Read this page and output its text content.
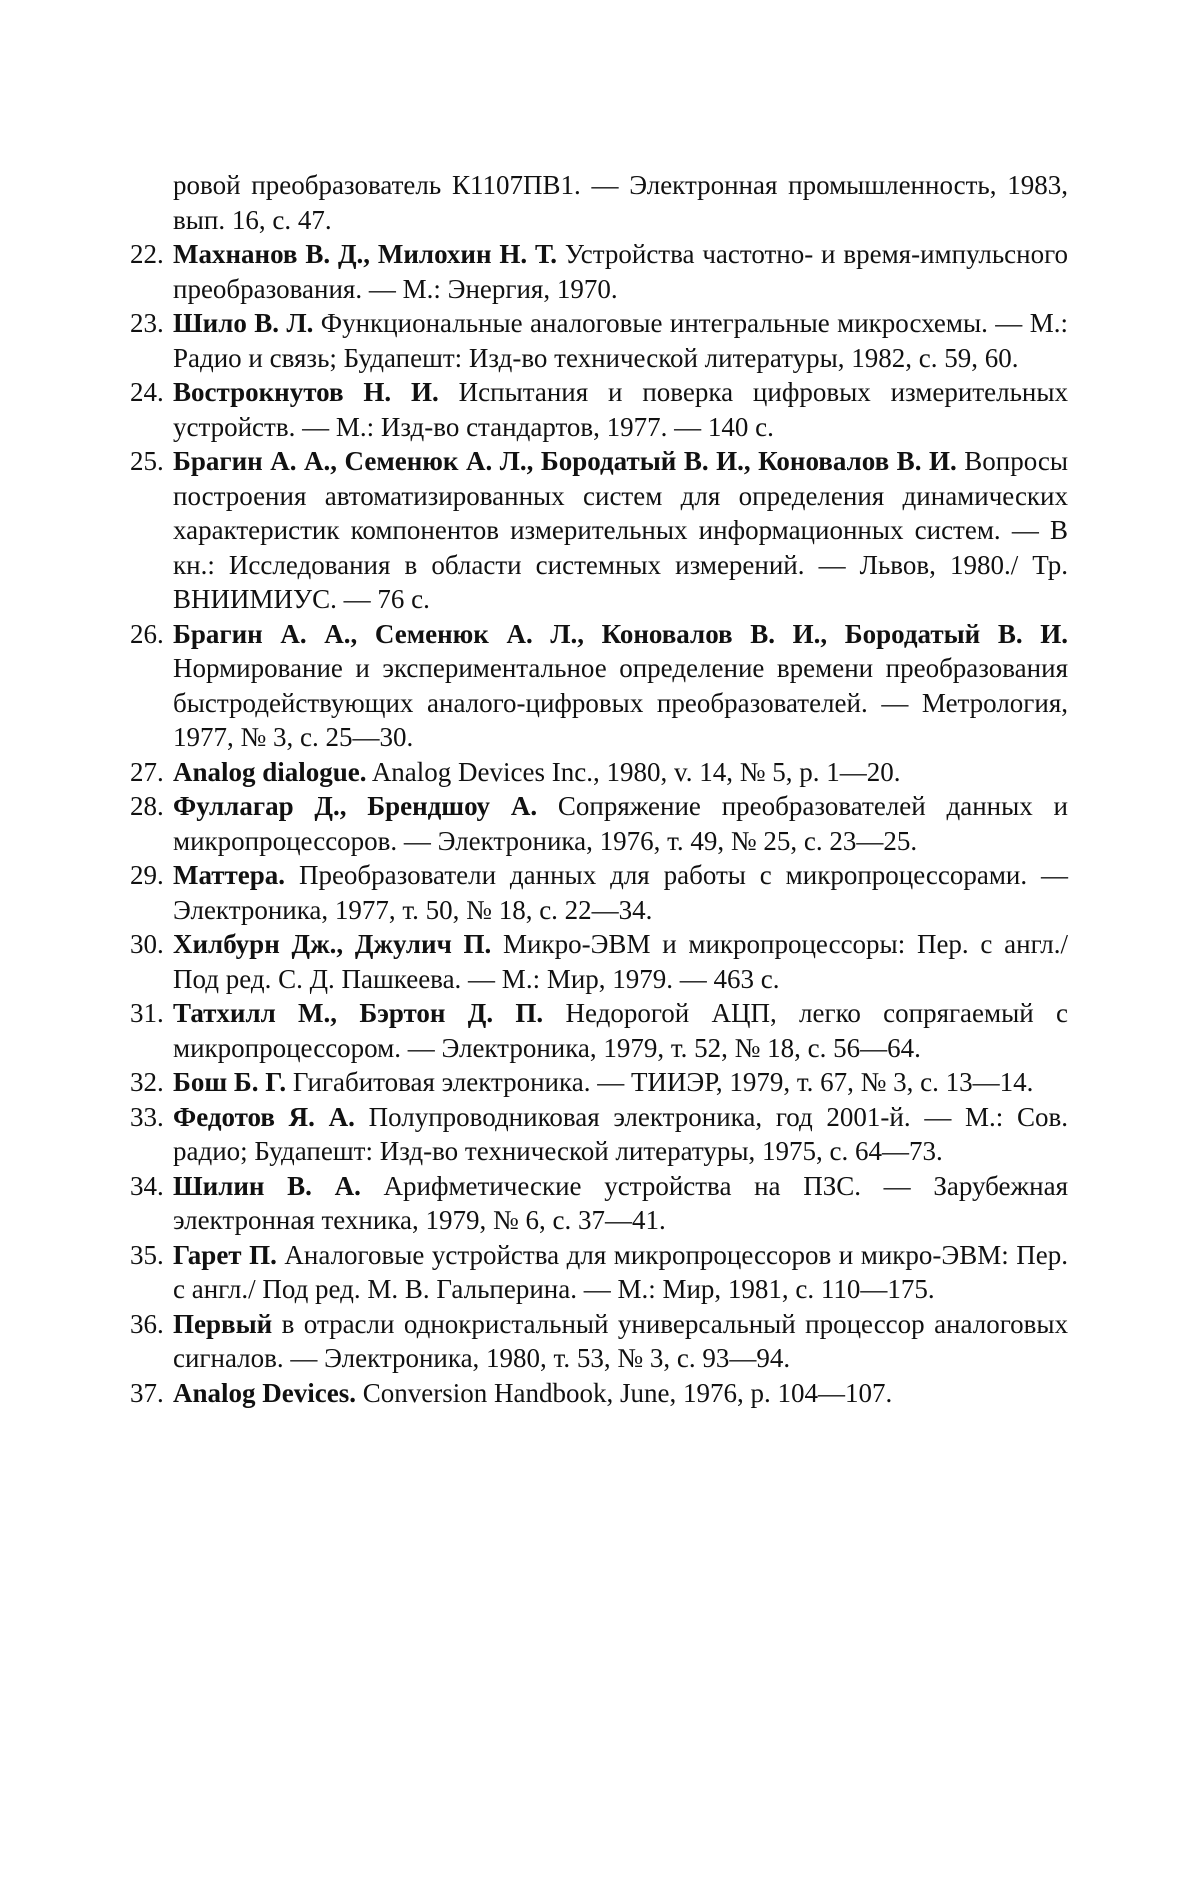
ровой преобразователь К1107ПВ1. — Электронная промышленность, 1983, вып. 16, с. 47.
22. Махнанов В. Д., Милохин Н. Т. Устройства частотно- и время-импульсного преобразования. — М.: Энергия, 1970.
23. Шило В. Л. Функциональные аналоговые интегральные микросхемы. — М.: Радио и связь; Будапешт: Изд-во технической литературы, 1982, с. 59, 60.
24. Вострокнутов Н. И. Испытания и поверка цифровых измерительных устройств. — М.: Изд-во стандартов, 1977. — 140 с.
25. Брагин А. А., Семенюк А. Л., Бородатый В. И., Коновалов В. И. Вопросы построения автоматизированных систем для определения динамических характеристик компонентов измерительных информационных систем. — В кн.: Исследования в области системных измерений. — Львов, 1980./ Тр. ВНИИМИУС. — 76 с.
26. Брагин А. А., Семенюк А. Л., Коновалов В. И., Бородатый В. И. Нормирование и экспериментальное определение времени преобразования быстродействующих аналого-цифровых преобразователей. — Метрология, 1977, № 3, с. 25—30.
27. Analog dialogue. Analog Devices Inc., 1980, v. 14, № 5, p. 1—20.
28. Фуллагар Д., Брендшоу А. Сопряжение преобразователей данных и микропроцессоров. — Электроника, 1976, т. 49, № 25, с. 23—25.
29. Маттера. Преобразователи данных для работы с микропроцессорами. — Электроника, 1977, т. 50, № 18, с. 22—34.
30. Хилбурн Дж., Джулич П. Микро-ЭВМ и микропроцессоры: Пер. с англ./ Под ред. С. Д. Пашкеева. — М.: Мир, 1979. — 463 с.
31. Татхилл М., Бэртон Д. П. Недорогой АЦП, легко сопрягаемый с микропроцессором. — Электроника, 1979, т. 52, № 18, с. 56—64.
32. Бош Б. Г. Гигабитовая электроника. — ТИИЭР, 1979, т. 67, № 3, с. 13—14.
33. Федотов Я. А. Полупроводниковая электроника, год 2001-й. — М.: Сов. радио; Будапешт: Изд-во технической литературы, 1975, с. 64—73.
34. Шилин В. А. Арифметические устройства на ПЗС. — Зарубежная электронная техника, 1979, № 6, с. 37—41.
35. Гарет П. Аналоговые устройства для микропроцессоров и микро-ЭВМ: Пер. с англ./ Под ред. М. В. Гальперина. — М.: Мир, 1981, с. 110—175.
36. Первый в отрасли однокристальный универсальный процессор аналоговых сигналов. — Электроника, 1980, т. 53, № 3, с. 93—94.
37. Analog Devices. Conversion Handbook, June, 1976, p. 104—107.
